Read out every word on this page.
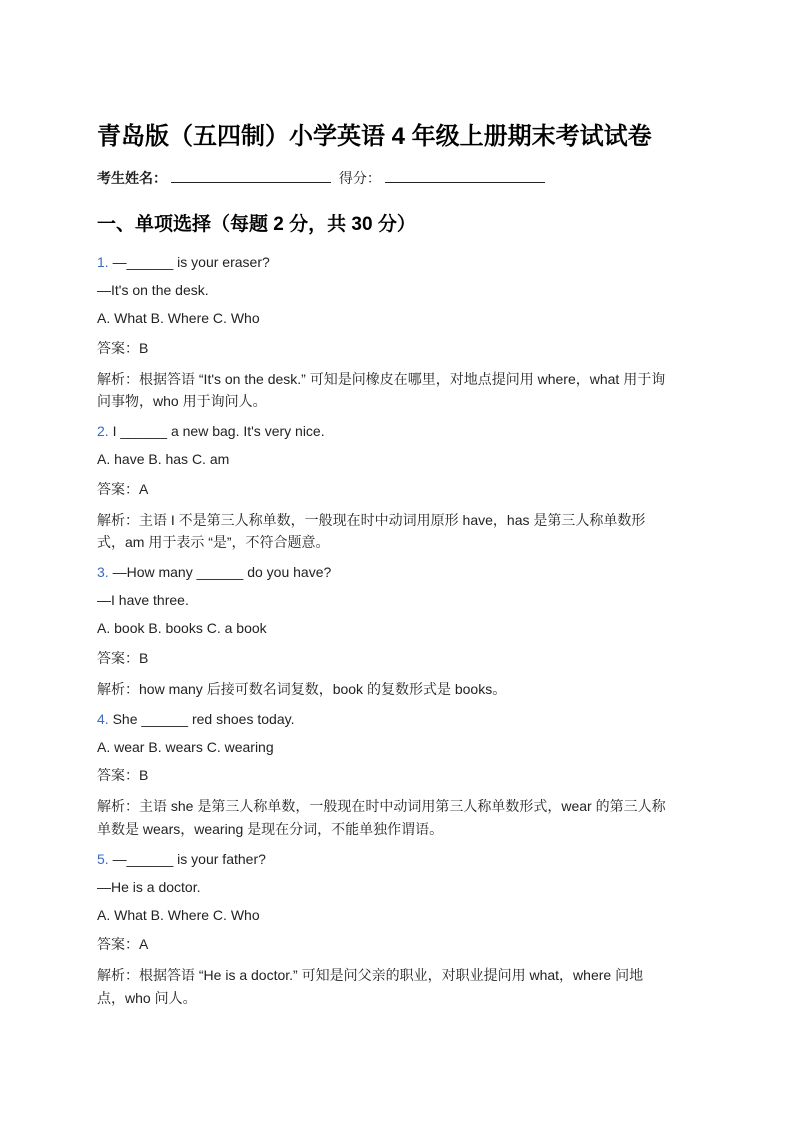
青岛版（五四制）小学英语 4 年级上册期末考试试卷
考生姓名：	得分：
一、单项选择（每题 2 分，共 30 分）
1. —______ is your eraser?
—It's on the desk.
A. What B. Where C. Who
答案：B
解析：根据答语 “It's on the desk.” 可知是问橡皮在哪里，对地点提问用 where，what 用于询
问事物，who 用于询问人。
2. I ______ a new bag. It's very nice.
A. have B. has C. am
答案：A
解析：主语 I 不是第三人称单数，一般现在时中动词用原形 have，has 是第三人称单数形
式，am 用于表示 “是”，不符合题意。
3. —How many ______ do you have?
—I have three.
A. book B. books C. a book
答案：B
解析：how many 后接可数名词复数，book 的复数形式是 books。
4. She ______ red shoes today.
A. wear B. wears C. wearing
答案：B
解析：主语 she 是第三人称单数，一般现在时中动词用第三人称单数形式，wear 的第三人称
单数是 wears，wearing 是现在分词，不能单独作谓语。
5. —______ is your father?
—He is a doctor.
A. What B. Where C. Who
答案：A
解析：根据答语 “He is a doctor.” 可知是问父亲的职业，对职业提问用 what，where 问地
点，who 问人。
